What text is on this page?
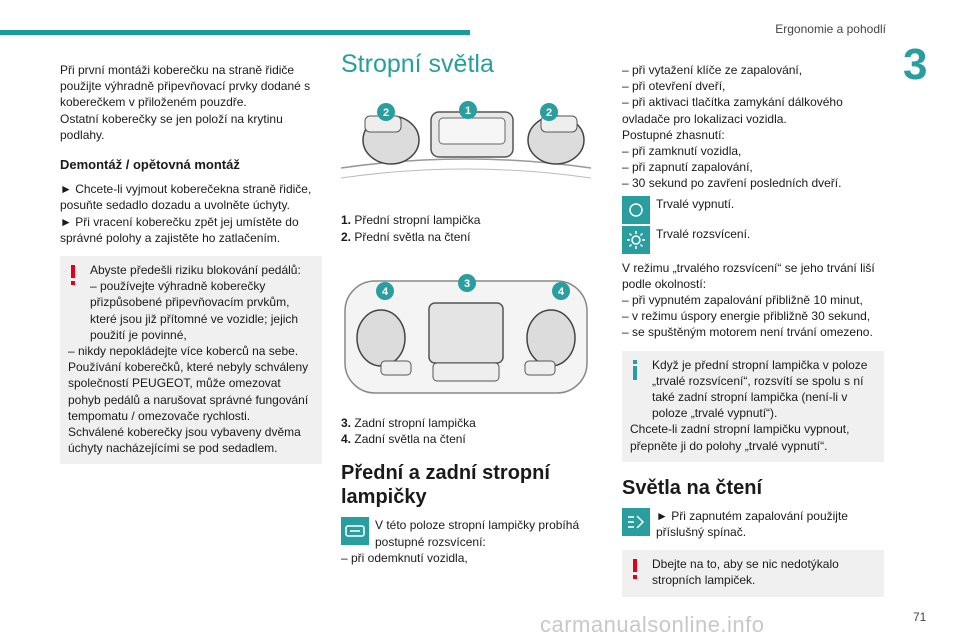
Ergonomie a pohodlí
3

Při první montáži koberečku na straně řidiče použijte výhradně připevňovací prvky dodané s koberečkem v přiloženém pouzdře.

Ostatní koberečky se jen položí na krytinu podlahy.

Demontáž / opětovná montáž

► Chcete-li vyjmout koberečekna straně řidiče, posuňte sedadlo dozadu a uvolněte úchyty.

► Při vracení koberečku zpět jej umístěte do správné polohy a zajistěte ho zatlačením.

Abyste předešli riziku blokování pedálů:

– používejte výhradně koberečky přizpůsobené připevňovacím prvkům, které jsou již přítomné ve vozidle; jejich použití je povinné,

– nikdy nepokládejte více koberců na sebe.

Používání koberečků, které nebyly schváleny společností PEUGEOT, může omezovat pohyb pedálů a narušovat správné fungování tempomatu / omezovače rychlosti.

Schválené koberečky jsou vybaveny dvěma úchyty nacházejícími se pod sedadlem.

Stropní světla
2	1	2

1. Přední stropní lampička

2. Přední světla na čtení

4
3
4

3. Zadní stropní lampička

4. Zadní světla na čtení

Přední a zadní stropní lampičky

V této poloze stropní lampičky probíhá postupné rozsvícení:

– při odemknutí vozidla,

– při vytažení klíče ze zapalování,

– při otevření dveří,

– při aktivaci tlačítka zamykání dálkového ovladače pro lokalizaci vozidla.

Postupné zhasnutí:

– při zamknutí vozidla,

– při zapnutí zapalování,

– 30 sekund po zavření posledních dveří.

Trvalé vypnutí.

Trvalé rozsvícení.

V režimu „trvalého rozsvícení“ se jeho trvání liší podle okolností:

– při vypnutém zapalování přibližně 10 minut,

– v režimu úspory energie přibližně 30 sekund,

– se spuštěným motorem není trvání omezeno.

Když je přední stropní lampička v poloze „trvalé rozsvícení“, rozsvítí se spolu s ní také zadní stropní lampička (není-li v poloze „trvalé vypnutí“).

Chcete-li zadní stropní lampičku vypnout, přepněte ji do polohy „trvalé vypnutí“.

Světla na čtení

► Při zapnutém zapalování použijte příslušný spínač.

Dbejte na to, aby se nic nedotýkalo stropních lampiček.

carmanualsonline.info	71
